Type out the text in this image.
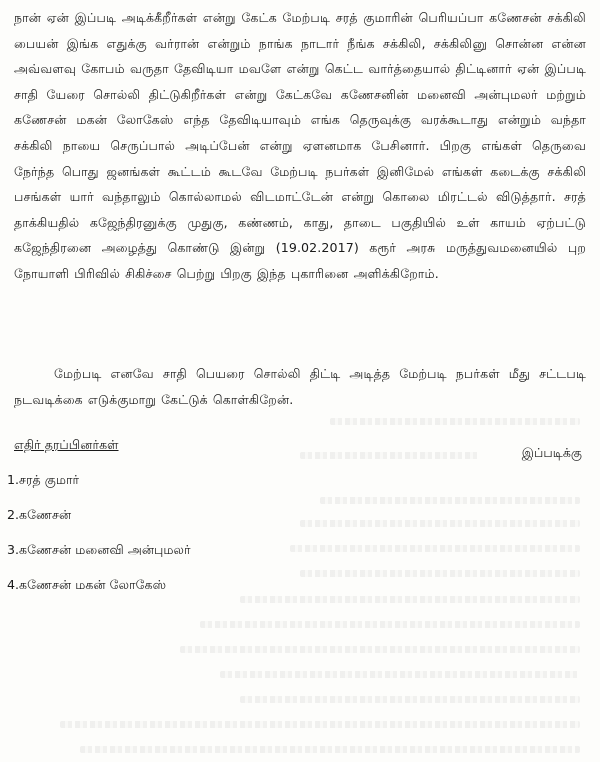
நான் ஏன் இப்படி அடிக்கீறீர்கள் என்று கேட்க மேற்படி சரத் குமாரின் பெரியப்பா கணேசன் சக்கிலி பையன் இங்க எதுக்கு வர்ரான் என்றும் நாங்க நாடார் நீங்க சக்கிலி, சக்கிலினு சொன்ன என்ன அவ்வளவு கோபம் வருதா தேவிடியா மவளே என்று கெட்ட வார்த்தையால் திட்டினார் ஏன் இப்படி சாதி யேரை சொல்லி திட்டுகிறீர்கள் என்று கேட்கவே கணேசனின் மனைவி அன்புமலர் மற்றும் கணேசன் மகன் லோகேஸ் எந்த தேவிடியாவும் எங்க தெருவுக்கு வரக்கூடாது என்றும் வந்தா சக்கிலி நாயை செருப்பால் அடிப்பேன் என்று ஏளனமாக பேசினார். பிறகு எங்கள் தெருவை நேர்ந்த பொது ஜனங்கள் கூட்டம் கூடவே மேற்படி நபர்கள் இனிமேல் எங்கள் கடைக்கு சக்கிலி பசங்கள் யார் வந்தாலும் கொல்லாமல் விடமாட்டேன் என்று கொலை மிரட்டல் விடுத்தார். சரத் தாக்கியதில் கஜேந்திரனுக்கு முதுகு, கண்ணம், காது, தாடை பகுதியில் உள் காயம் ஏற்பட்டு கஜேந்திரனை அழைத்து கொண்டு இன்று (19.02.2017) கரூர் அரசு மருத்துவமனையில் புற நோயாளி பிரிவில் சிகிச்சை பெற்று பிறகு இந்த புகாரினை அளிக்கிறோம்.

மேற்படி எனவே சாதி பெயரை சொல்லி திட்டி அடித்த மேற்படி நபர்கள் மீது சட்டபடி நடவடிக்கை எடுக்குமாறு கேட்டுக் கொள்கிறேன்.

எதிர் தரப்பினர்கள்
இப்படிக்கு
1.சரத் குமார்
2.கணேசன்
3.கணேசன் மனைவி அன்புமலர்
4.கணேசன் மகன் லோகேஸ்
